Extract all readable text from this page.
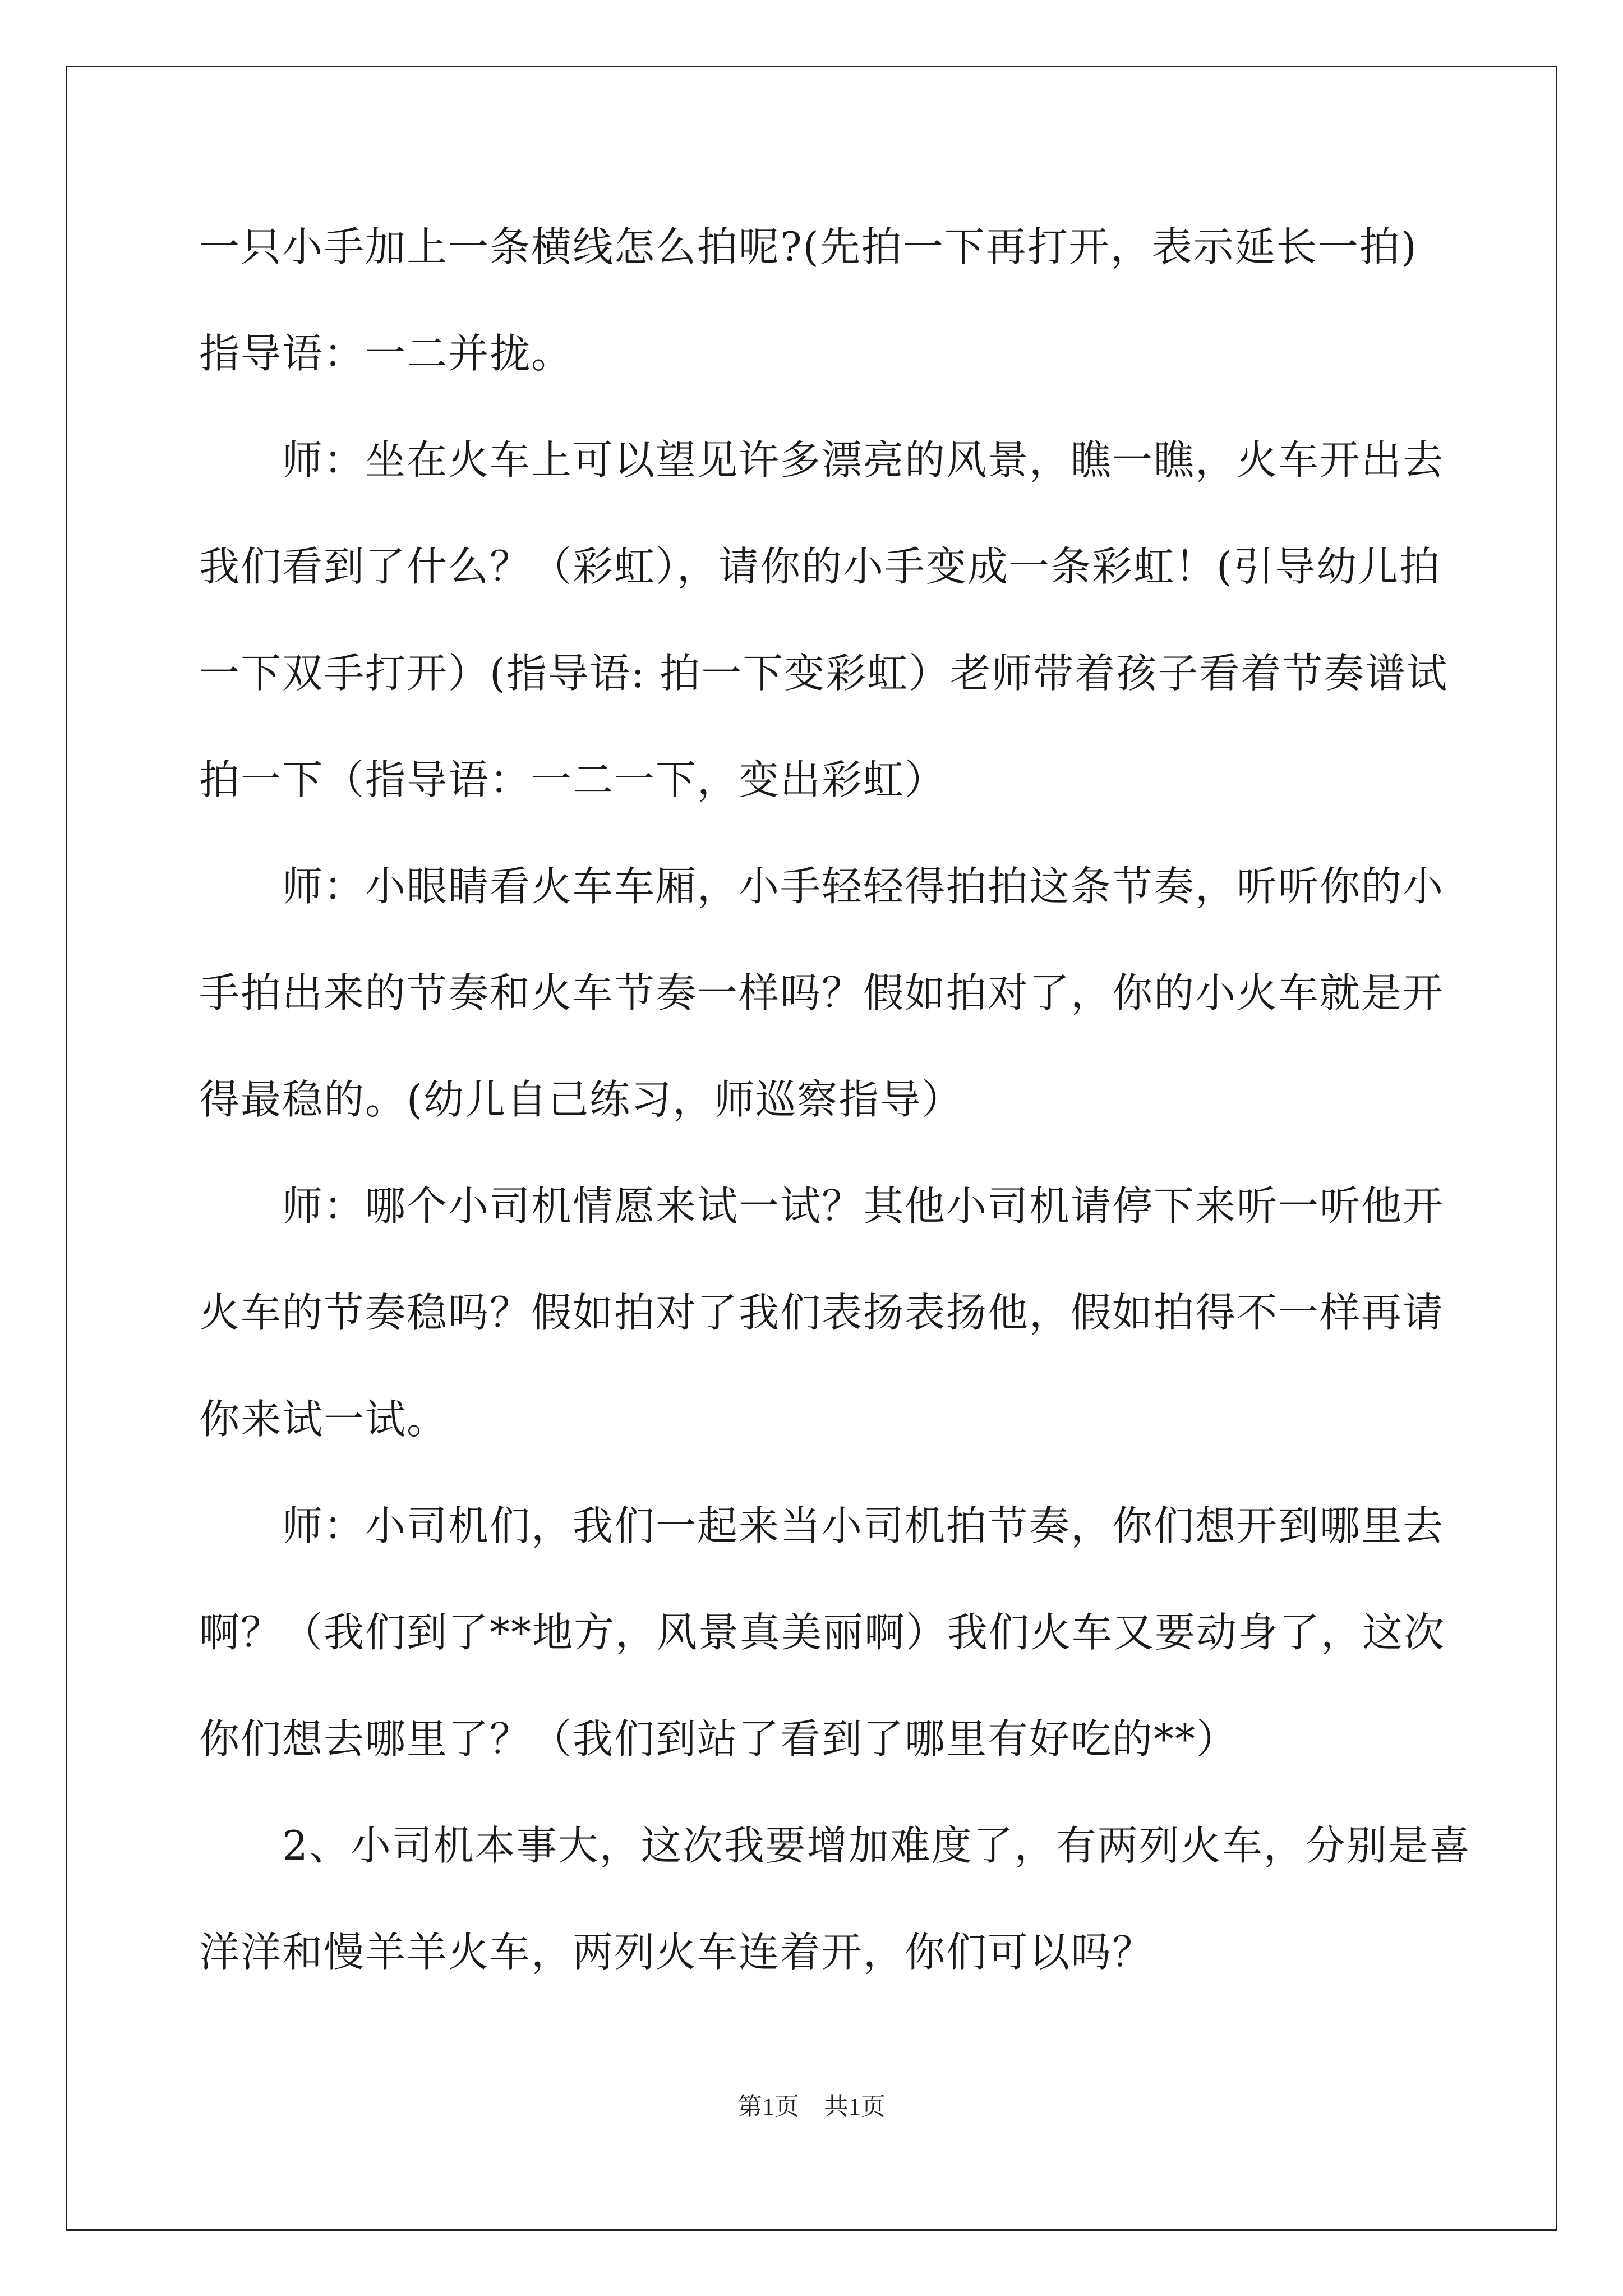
一只小手加上一条横线怎么拍呢?(先拍一下再打开，表示延长一拍)
指导语：一二并拢。
　　师：坐在火车上可以望见许多漂亮的风景，瞧一瞧，火车开出去
我们看到了什么？（彩虹），请你的小手变成一条彩虹！(引导幼儿拍
一下双手打开）(指导语: 拍一下变彩虹）老师带着孩子看着节奏谱试
拍一下（指导语：一二一下，变出彩虹）
　　师：小眼睛看火车车厢，小手轻轻得拍拍这条节奏，听听你的小
手拍出来的节奏和火车节奏一样吗？假如拍对了，你的小火车就是开
得最稳的。(幼儿自己练习，师巡察指导）
　　师：哪个小司机情愿来试一试？其他小司机请停下来听一听他开
火车的节奏稳吗？假如拍对了我们表扬表扬他，假如拍得不一样再请
你来试一试。
　　师：小司机们，我们一起来当小司机拍节奏，你们想开到哪里去
啊？（我们到了**地方，风景真美丽啊）我们火车又要动身了，这次
你们想去哪里了？（我们到站了看到了哪里有好吃的**）
　　2、小司机本事大，这次我要增加难度了，有两列火车，分别是喜
洋洋和慢羊羊火车，两列火车连着开，你们可以吗？
第1页　共1页
